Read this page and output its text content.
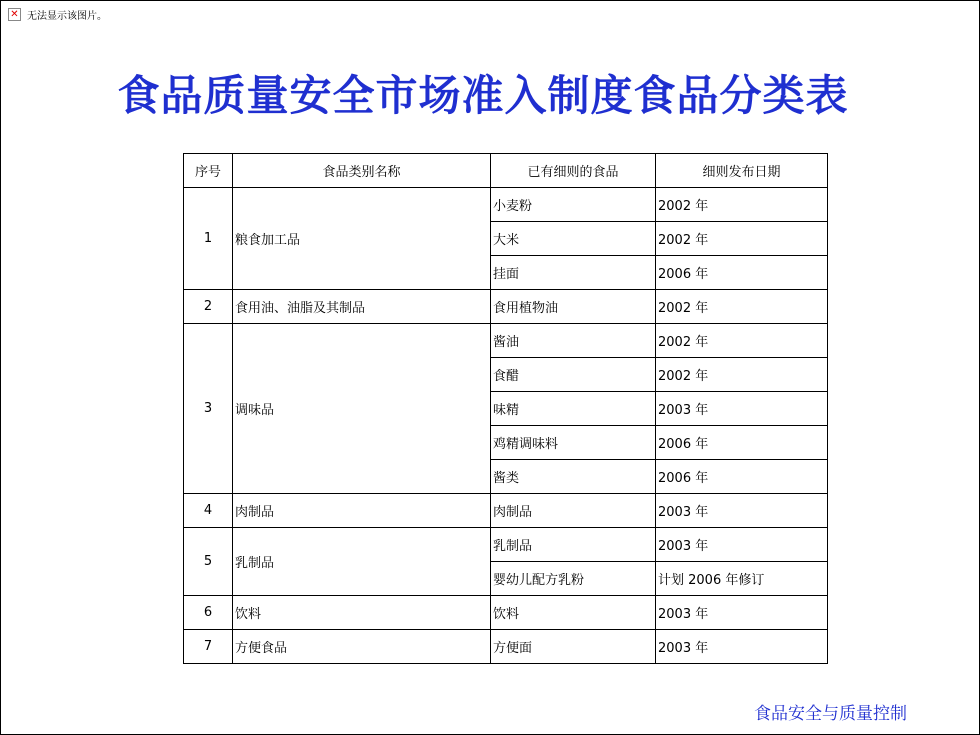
✕ 无法显示该图片。
食品质量安全市场准入制度食品分类表
序号	食品类别名称	已有细则的食品	细则发布日期
1	粮食加工品	小麦粉	2002 年
		大米	2002 年
		挂面	2006 年
2	食用油、油脂及其制品	食用植物油	2002 年
3	调味品	酱油	2002 年
		食醋	2002 年
		味精	2003 年
		鸡精调味料	2006 年
		酱类	2006 年
4	肉制品	肉制品	2003 年
5	乳制品	乳制品	2003 年
		婴幼儿配方乳粉	计划 2006 年修订
6	饮料	饮料	2003 年
7	方便食品	方便面	2003 年
食品安全与质量控制
